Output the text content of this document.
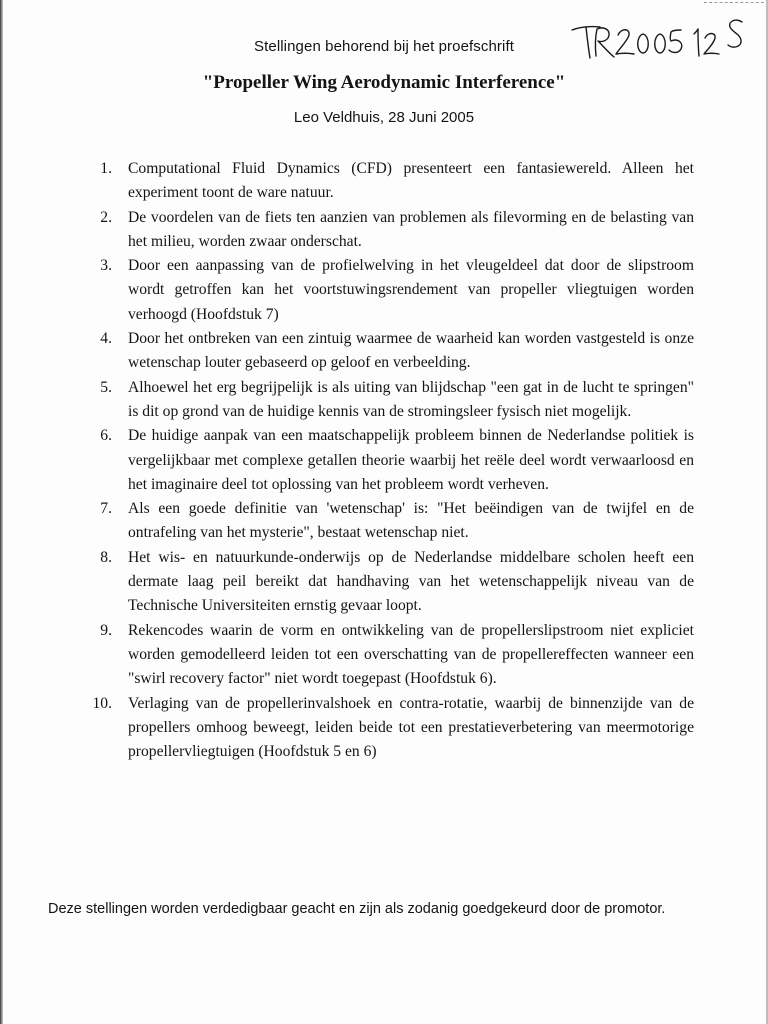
Stellingen behorend bij het proefschrift
"Propeller Wing Aerodynamic Interference"
Leo Veldhuis, 28 Juni 2005
1. Computational Fluid Dynamics (CFD) presenteert een fantasiewereld. Alleen het experiment toont de ware natuur.
2. De voordelen van de fiets ten aanzien van problemen als filevorming en de belasting van het milieu, worden zwaar onderschat.
3. Door een aanpassing van de profielwelving in het vleugeldeel dat door de slipstroom wordt getroffen kan het voortstuwingsrendement van propeller vliegtuigen worden verhoogd (Hoofdstuk 7)
4. Door het ontbreken van een zintuig waarmee de waarheid kan worden vastgesteld is onze wetenschap louter gebaseerd op geloof en verbeelding.
5. Alhoewel het erg begrijpelijk is als uiting van blijdschap "een gat in de lucht te springen" is dit op grond van de huidige kennis van de stromingsleer fysisch niet mogelijk.
6. De huidige aanpak van een maatschappelijk probleem binnen de Nederlandse politiek is vergelijkbaar met complexe getallen theorie waarbij het reële deel wordt verwaarloosd en het imaginaire deel tot oplossing van het probleem wordt verheven.
7. Als een goede definitie van 'wetenschap' is: "Het beëindigen van de twijfel en de ontrafeling van het mysterie", bestaat wetenschap niet.
8. Het wis- en natuurkunde-onderwijs op de Nederlandse middelbare scholen heeft een dermate laag peil bereikt dat handhaving van het wetenschappelijk niveau van de Technische Universiteiten ernstig gevaar loopt.
9. Rekencodes waarin de vorm en ontwikkeling van de propellerslipstroom niet expliciet worden gemodelleerd leiden tot een overschatting van de propellereffecten wanneer een "swirl recovery factor" niet wordt toegepast (Hoofdstuk 6).
10. Verlaging van de propellerinvalshoek en contra-rotatie, waarbij de binnenzijde van de propellers omhoog beweegt, leiden beide tot een prestatieverbetering van meermotorige propellervliegtuigen (Hoofdstuk 5 en 6)
Deze stellingen worden verdedigbaar geacht en zijn als zodanig goedgekeurd door de promotor.
